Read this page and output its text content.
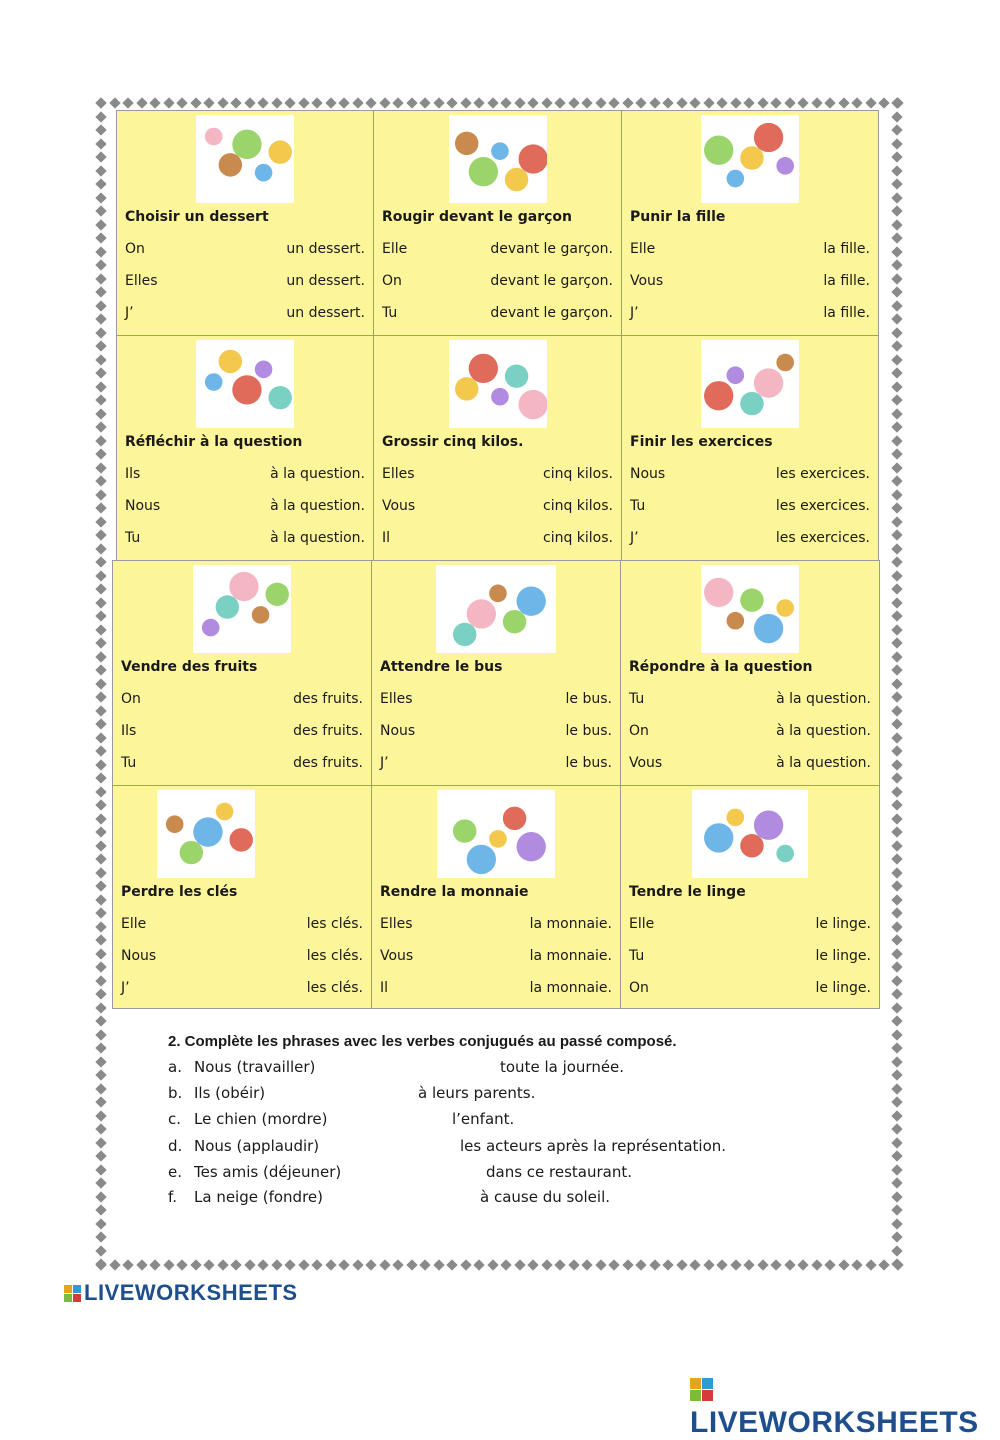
Choisir un dessert
On	un dessert.
Elles	un dessert.
J’	un dessert.
Rougir devant le garçon
Elle	devant le garçon.
On	devant le garçon.
Tu	devant le garçon.
Punir la fille
Elle	la fille.
Vous	la fille.
J’	la fille.
Réfléchir à la question
Ils	à la question.
Nous	à la question.
Tu	à la question.
Grossir cinq kilos.
Elles	cinq kilos.
Vous	cinq kilos.
Il	cinq kilos.
Finir les exercices
Nous	les exercices.
Tu	les exercices.
J’	les exercices.
Vendre des fruits
On	des fruits.
Ils	des fruits.
Tu	des fruits.
Attendre le bus
Elles	le bus.
Nous	le bus.
J’	le bus.
Répondre à la question
Tu	à la question.
On	à la question.
Vous	à la question.
Perdre les clés
Elle	les clés.
Nous	les clés.
J’	les clés.
Rendre la monnaie
Elles	la monnaie.
Vous	la monnaie.
Il	la monnaie.
Tendre le linge
Elle	le linge.
Tu	le linge.
On	le linge.
2. Complète les phrases avec les verbes conjugués au passé composé.
a. Nous (travailler)	toute la journée.
b. Ils (obéir)	à leurs parents.
c. Le chien (mordre)	l’enfant.
d. Nous (applaudir)	les acteurs après la représentation.
e. Tes amis (déjeuner)	dans ce restaurant.
f. La neige (fondre)	à cause du soleil.
LIVEWORKSHEETS
LIVEWORKSHEETS
